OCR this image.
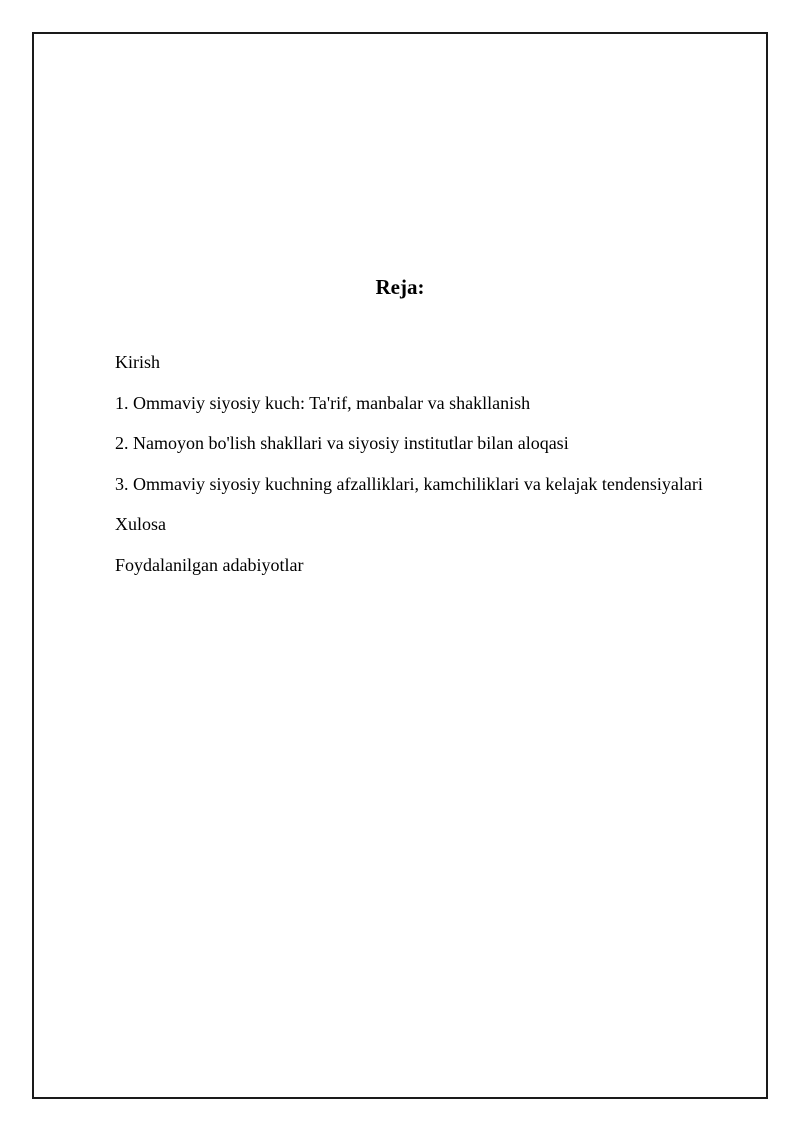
Reja:
Kirish
1. Ommaviy siyosiy kuch: Ta'rif, manbalar va shakllanish
2. Namoyon bo'lish shakllari va siyosiy institutlar bilan aloqasi
3. Ommaviy siyosiy kuchning afzalliklari, kamchiliklari va kelajak tendensiyalari
Xulosa
Foydalanilgan adabiyotlar
